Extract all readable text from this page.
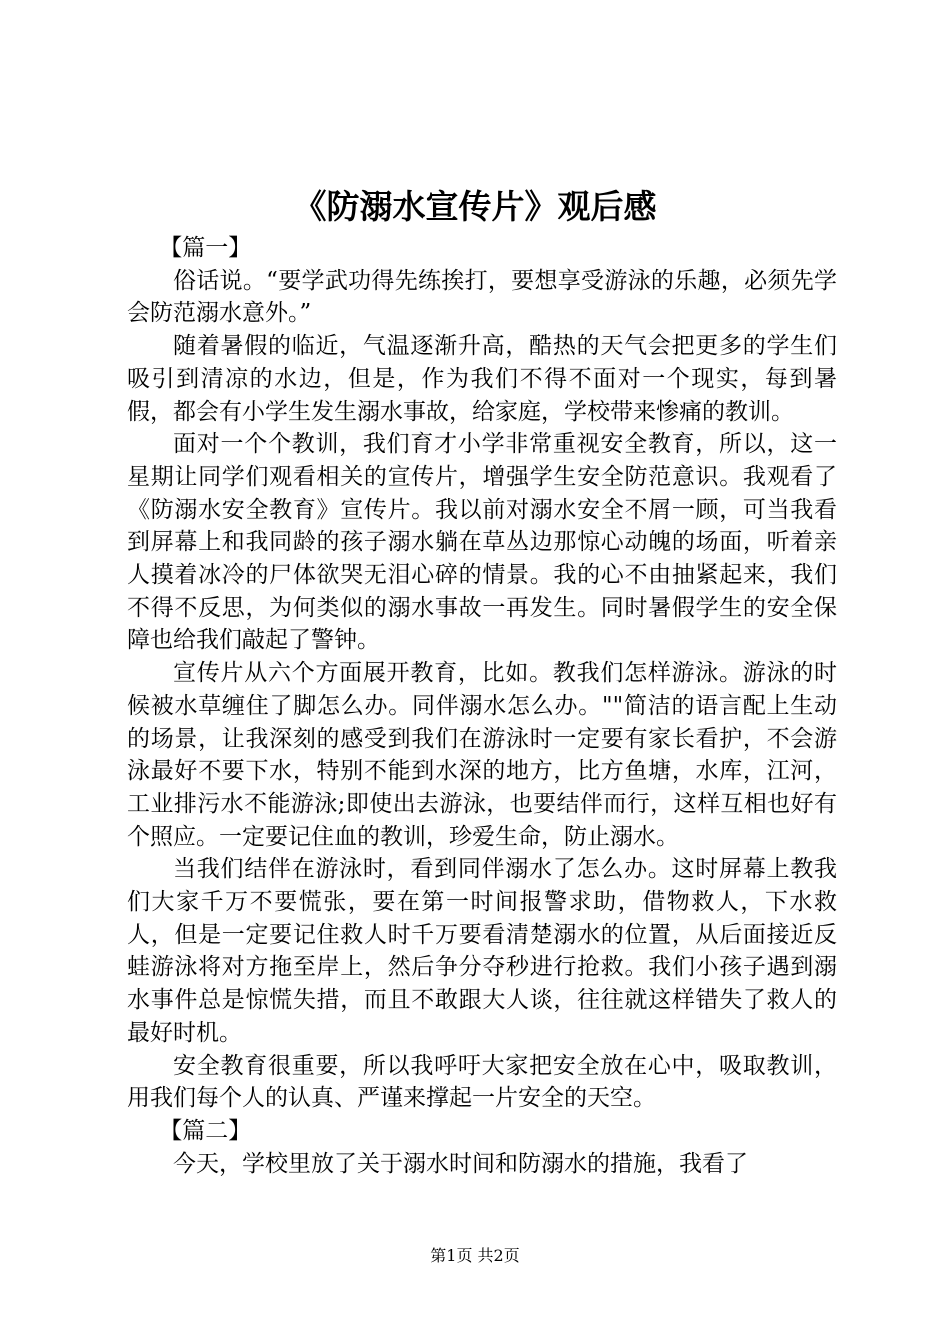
《防溺水宣传片》观后感

【篇一】

俗话说。“要学武功得先练挨打，要想享受游泳的乐趣，必须先学会防范溺水意外。”

随着暑假的临近，气温逐渐升高，酷热的天气会把更多的学生们吸引到清凉的水边，但是，作为我们不得不面对一个现实，每到暑假，都会有小学生发生溺水事故，给家庭，学校带来惨痛的教训。

面对一个个教训，我们育才小学非常重视安全教育，所以，这一星期让同学们观看相关的宣传片，增强学生安全防范意识。我观看了《防溺水安全教育》宣传片。我以前对溺水安全不屑一顾，可当我看到屏幕上和我同龄的孩子溺水躺在草丛边那惊心动魄的场面，听着亲人摸着冰冷的尸体欲哭无泪心碎的情景。我的心不由抽紧起来，我们不得不反思，为何类似的溺水事故一再发生。同时暑假学生的安全保障也给我们敲起了警钟。

宣传片从六个方面展开教育，比如。教我们怎样游泳。游泳的时候被水草缠住了脚怎么办。同伴溺水怎么办。""简洁的语言配上生动的场景，让我深刻的感受到我们在游泳时一定要有家长看护，不会游泳最好不要下水，特别不能到水深的地方，比方鱼塘，水库，江河，工业排污水不能游泳;即使出去游泳，也要结伴而行，这样互相也好有个照应。一定要记住血的教训，珍爱生命，防止溺水。

当我们结伴在游泳时，看到同伴溺水了怎么办。这时屏幕上教我们大家千万不要慌张，要在第一时间报警求助，借物救人，下水救人，但是一定要记住救人时千万要看清楚溺水的位置，从后面接近反蛙游泳将对方拖至岸上，然后争分夺秒进行抢救。我们小孩子遇到溺水事件总是惊慌失措，而且不敢跟大人谈，往往就这样错失了救人的最好时机。

安全教育很重要，所以我呼吁大家把安全放在心中，吸取教训，用我们每个人的认真、严谨来撑起一片安全的天空。

【篇二】

今天，学校里放了关于溺水时间和防溺水的措施，我看了

第1页 共2页
